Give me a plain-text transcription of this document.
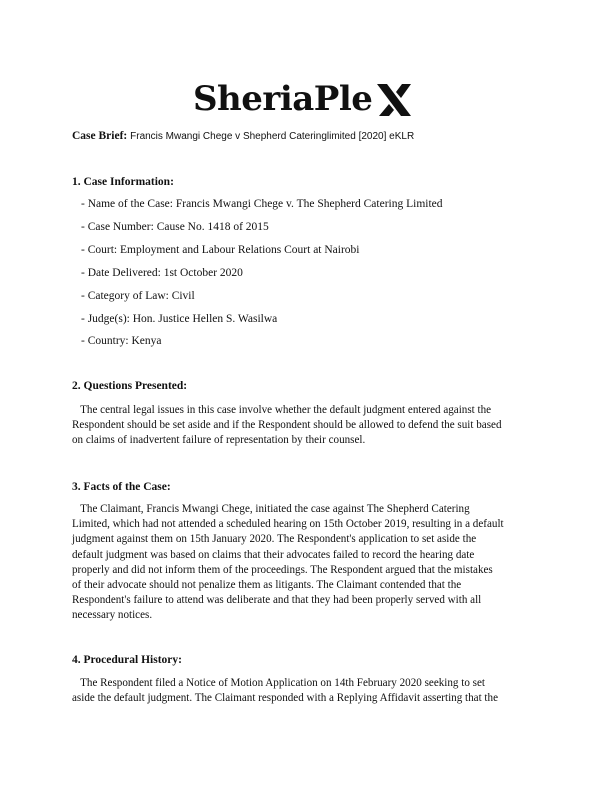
SheriaPle
Case Brief: Francis Mwangi Chege v Shepherd Cateringlimited [2020] eKLR
1. Case Information:
- Name of the Case: Francis Mwangi Chege v. The Shepherd Catering Limited
- Case Number: Cause No. 1418 of 2015
- Court: Employment and Labour Relations Court at Nairobi
- Date Delivered: 1st October 2020
- Category of Law: Civil
- Judge(s): Hon. Justice Hellen S. Wasilwa
- Country: Kenya
2. Questions Presented:
The central legal issues in this case involve whether the default judgment entered against the
Respondent should be set aside and if the Respondent should be allowed to defend the suit based
on claims of inadvertent failure of representation by their counsel.
3. Facts of the Case:
The Claimant, Francis Mwangi Chege, initiated the case against The Shepherd Catering
Limited, which had not attended a scheduled hearing on 15th October 2019, resulting in a default
judgment against them on 15th January 2020. The Respondent's application to set aside the
default judgment was based on claims that their advocates failed to record the hearing date
properly and did not inform them of the proceedings. The Respondent argued that the mistakes
of their advocate should not penalize them as litigants. The Claimant contended that the
Respondent's failure to attend was deliberate and that they had been properly served with all
necessary notices.
4. Procedural History:
The Respondent filed a Notice of Motion Application on 14th February 2020 seeking to set
aside the default judgment. The Claimant responded with a Replying Affidavit asserting that the
